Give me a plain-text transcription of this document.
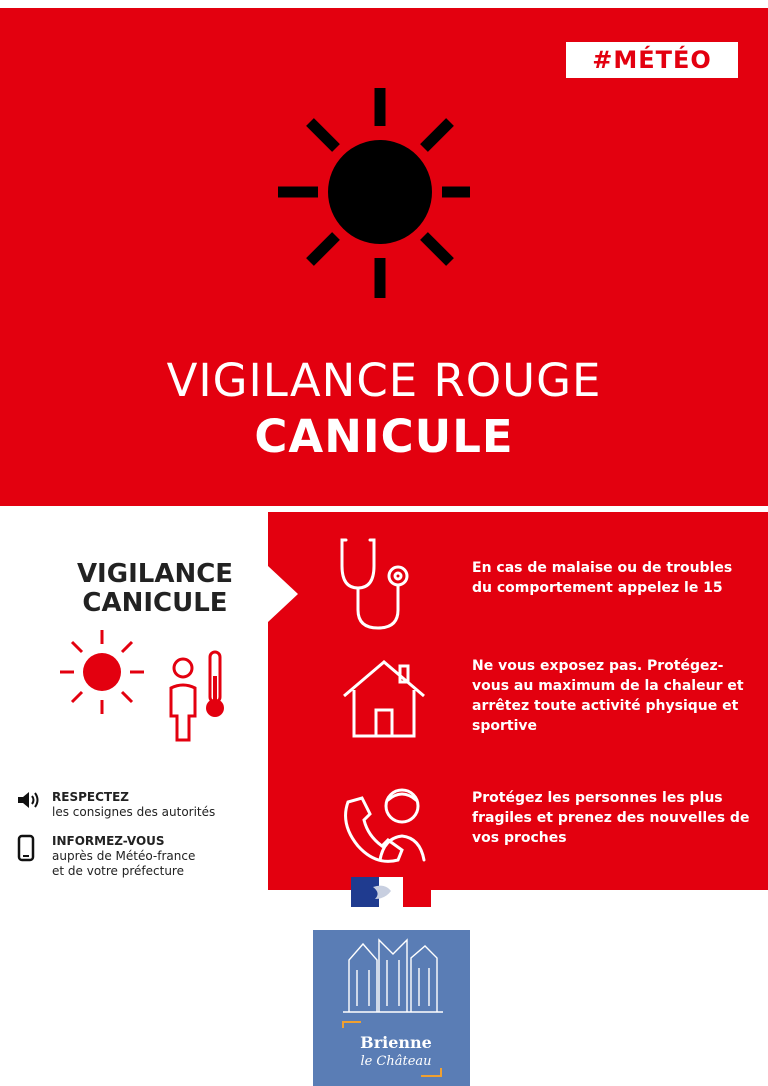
#MÉTÉO
VIGILANCE ROUGE
CANICULE
VIGILANCE
CANICULE
RESPECTEZ
les consignes des autorités
INFORMEZ-VOUS
auprès de Météo-france
et de votre préfecture
En cas de malaise ou de troubles du comportement appelez le 15
Ne vous exposez pas. Protégez-vous au maximum de la chaleur et arrêtez toute activité physique et sportive
Protégez les personnes les plus fragiles et prenez des nouvelles de vos proches
Brienne
le Château
